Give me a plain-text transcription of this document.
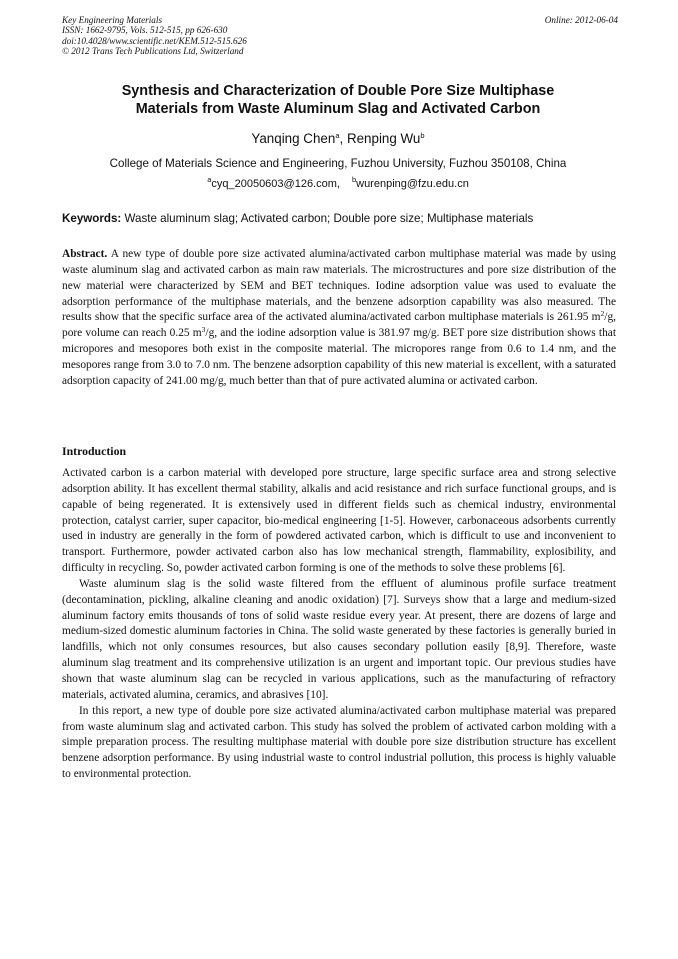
Key Engineering Materials
ISSN: 1662-9795, Vols. 512-515, pp 626-630
doi:10.4028/www.scientific.net/KEM.512-515.626
© 2012 Trans Tech Publications Ltd, Switzerland
Online: 2012-06-04
Synthesis and Characterization of Double Pore Size Multiphase
Materials from Waste Aluminum Slag and Activated Carbon
Yanqing Chen$^a$, Renping Wu$^b$
College of Materials Science and Engineering, Fuzhou University, Fuzhou 350108, China
$^a$cyq_20050603@126.com, $^b$wurenping@fzu.edu.cn
Keywords: Waste aluminum slag; Activated carbon; Double pore size; Multiphase materials
Abstract. A new type of double pore size activated alumina/activated carbon multiphase material was made by using waste aluminum slag and activated carbon as main raw materials. The microstructures and pore size distribution of the new material were characterized by SEM and BET techniques. Iodine adsorption value was used to evaluate the adsorption performance of the multiphase materials, and the benzene adsorption capability was also measured. The results show that the specific surface area of the activated alumina/activated carbon multiphase materials is 261.95 $m^2/g$, pore volume can reach 0.25 $m^3/g$, and the iodine adsorption value is 381.97 mg/g. BET pore size distribution shows that micropores and mesopores both exist in the composite material. The micropores range from 0.6 to 1.4 nm, and the mesopores range from 3.0 to 7.0 nm. The benzene adsorption capability of this new material is excellent, with a saturated adsorption capacity of 241.00 mg/g, much better than that of pure activated alumina or activated carbon.
Introduction

Activated carbon is a carbon material with developed pore structure, large specific surface area and strong selective adsorption ability. It has excellent thermal stability, alkalis and acid resistance and rich surface functional groups, and is capable of being regenerated. It is extensively used in different fields such as chemical industry, environmental protection, catalyst carrier, super capacitor, bio-medical engineering [1-5]. However, carbonaceous adsorbents currently used in industry are generally in the form of powdered activated carbon, which is difficult to use and inconvenient to transport. Furthermore, powder activated carbon also has low mechanical strength, flammability, explosibility, and difficulty in recycling. So, powder activated carbon forming is one of the methods to solve these problems [6].

Waste aluminum slag is the solid waste filtered from the effluent of aluminous profile surface treatment (decontamination, pickling, alkaline cleaning and anodic oxidation) [7]. Surveys show that a large and medium-sized aluminum factory emits thousands of tons of solid waste residue every year. At present, there are dozens of large and medium-sized domestic aluminum factories in China. The solid waste generated by these factories is generally buried in landfills, which not only consumes resources, but also causes secondary pollution easily [8,9]. Therefore, waste aluminum slag treatment and its comprehensive utilization is an urgent and important topic. Our previous studies have shown that waste aluminum slag can be recycled in various applications, such as the manufacturing of refractory materials, activated alumina, ceramics, and abrasives [10].

In this report, a new type of double pore size activated alumina/activated carbon multiphase material was prepared from waste aluminum slag and activated carbon. This study has solved the problem of activated carbon molding with a simple preparation process. The resulting multiphase material with double pore size distribution structure has excellent benzene adsorption performance. By using industrial waste to control industrial pollution, this process is highly valuable to environmental protection.
